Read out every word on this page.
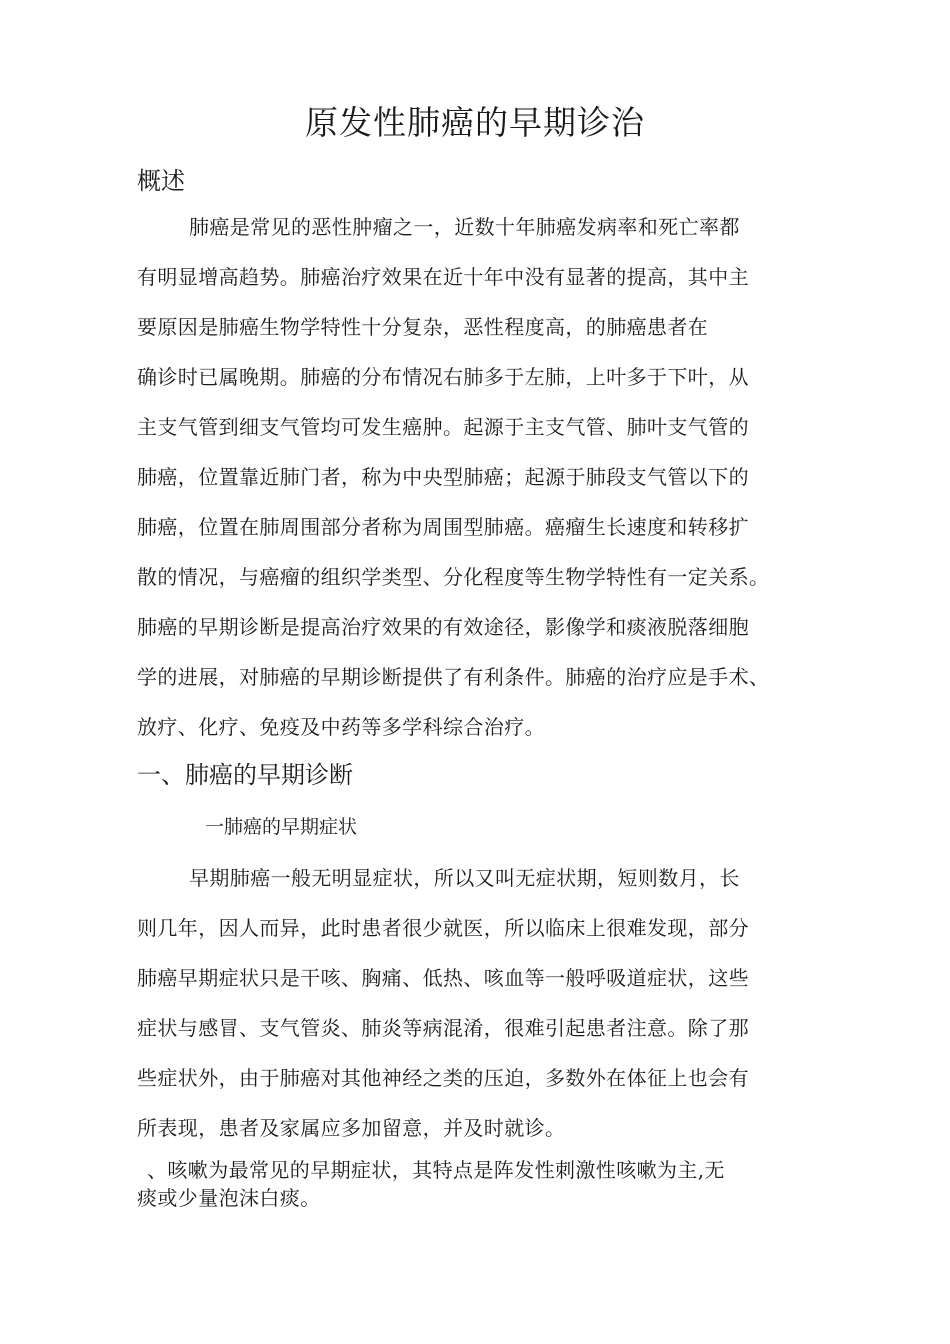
原发性肺癌的早期诊治
概述
肺癌是常见的恶性肿瘤之一，近数十年肺癌发病率和死亡率都
有明显增高趋势。肺癌治疗效果在近十年中没有显著的提高，其中主
要原因是肺癌生物学特性十分复杂，恶性程度高，的肺癌患者在
确诊时已属晚期。肺癌的分布情况右肺多于左肺，上叶多于下叶，从
主支气管到细支气管均可发生癌肿。起源于主支气管、肺叶支气管的
肺癌，位置靠近肺门者，称为中央型肺癌；起源于肺段支气管以下的
肺癌，位置在肺周围部分者称为周围型肺癌。癌瘤生长速度和转移扩
散的情况，与癌瘤的组织学类型、分化程度等生物学特性有一定关系。
肺癌的早期诊断是提高治疗效果的有效途径，影像学和痰液脱落细胞
学的进展，对肺癌的早期诊断提供了有利条件。肺癌的治疗应是手术、
放疗、化疗、免疫及中药等多学科综合治疗。
一、肺癌的早期诊断
一肺癌的早期症状
早期肺癌一般无明显症状，所以又叫无症状期，短则数月，长
则几年，因人而异，此时患者很少就医，所以临床上很难发现，部分
肺癌早期症状只是干咳、胸痛、低热、咳血等一般呼吸道症状，这些
症状与感冒、支气管炎、肺炎等病混淆，很难引起患者注意。除了那
些症状外，由于肺癌对其他神经之类的压迫，多数外在体征上也会有
所表现，患者及家属应多加留意，并及时就诊。
、咳嗽为最常见的早期症状，其特点是阵发性刺激性咳嗽为主,无
痰或少量泡沫白痰。
